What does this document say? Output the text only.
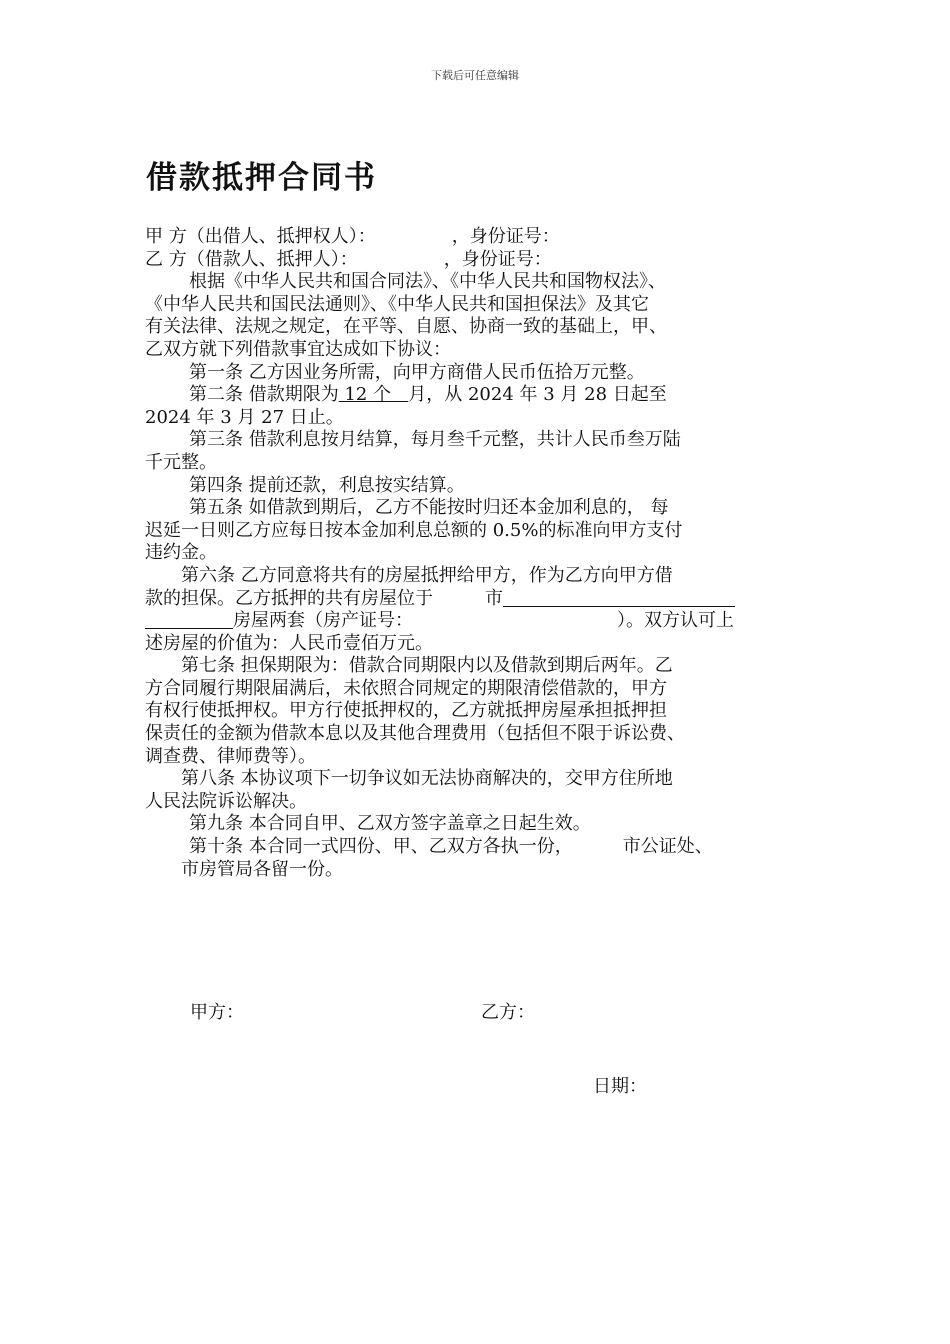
下载后可任意编辑
借款抵押合同书
甲 方（出借人、抵押权人）：	，身份证号：
乙 方（借款人、抵押人）：	，身份证号：
根据《中华人民共和国合同法》、《中华人民共和国物权法》、
《中华人民共和国民法通则》、《中华人民共和国担保法》及其它
有关法律、法规之规定，在平等、自愿、协商一致的基础上，甲、
乙双方就下列借款事宜达成如下协议：
第一条 乙方因业务所需，向甲方商借人民币伍拾万元整。
第二条 借款期限为 12 个   月，从 2024 年 3 月 28 日起至
2024 年 3 月 27 日止。
第三条 借款利息按月结算，每月叁千元整，共计人民币叁万陆
千元整。
第四条 提前还款，利息按实结算。
第五条 如借款到期后，乙方不能按时归还本金加利息的， 每
迟延一日则乙方应每日按本金加利息总额的 0.5%的标准向甲方支付
违约金。
第六条 乙方同意将共有的房屋抵押给甲方，作为乙方向甲方借
款的担保。乙方抵押的共有房屋位于	市
房屋两套（房产证号：	）。双方认可上
述房屋的价值为：人民币壹佰万元。
第七条 担保期限为：借款合同期限内以及借款到期后两年。乙
方合同履行期限届满后，未依照合同规定的期限清偿借款的，甲方
有权行使抵押权。甲方行使抵押权的，乙方就抵押房屋承担抵押担
保责任的金额为借款本息以及其他合理费用（包括但不限于诉讼费、
调查费、律师费等）。
第八条 本协议项下一切争议如无法协商解决的，交甲方住所地
人民法院诉讼解决。
第九条 本合同自甲、乙双方签字盖章之日起生效。
第十条 本合同一式四份、甲、乙双方各执一份，	市公证处、
市房管局各留一份。
甲方：	乙方：
日期：
